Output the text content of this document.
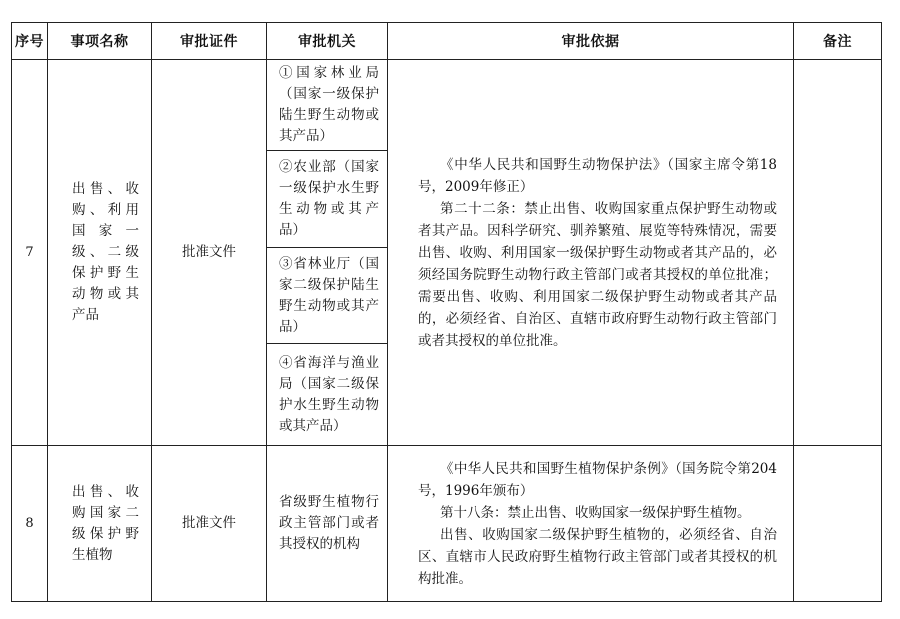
序号	事项名称	审批证件	审批机关	审批依据	备注
7	出售、收购、利用国家一级、二级保护野生动物或其产品	批准文件	①国家林业局（国家一级保护陆生野生动物或其产品）	《中华人民共和国野生动物保护法》（国家主席令第18号，2009年修正）

第二十二条：禁止出售、收购国家重点保护野生动物或者其产品。因科学研究、驯养繁殖、展览等特殊情况，需要出售、收购、利用国家一级保护野生动物或者其产品的，必须经国务院野生动物行政主管部门或者其授权的单位批准；需要出售、收购、利用国家二级保护野生动物或者其产品的，必须经省、自治区、直辖市政府野生动物行政主管部门或者其授权的单位批准。	

			②农业部（国家一级保护水生野生动物或其产品）		

			③省林业厅（国家二级保护陆生野生动物或其产品）		

			④省海洋与渔业局（国家二级保护水生野生动物或其产品）		

8	出售、收购国家二级保护野生植物	批准文件	省级野生植物行政主管部门或者其授权的机构	《中华人民共和国野生植物保护条例》（国务院令第204号，1996年颁布）

第十八条：禁止出售、收购国家一级保护野生植物。

出售、收购国家二级保护野生植物的，必须经省、自治区、直辖市人民政府野生植物行政主管部门或者其授权的机构批准。	
